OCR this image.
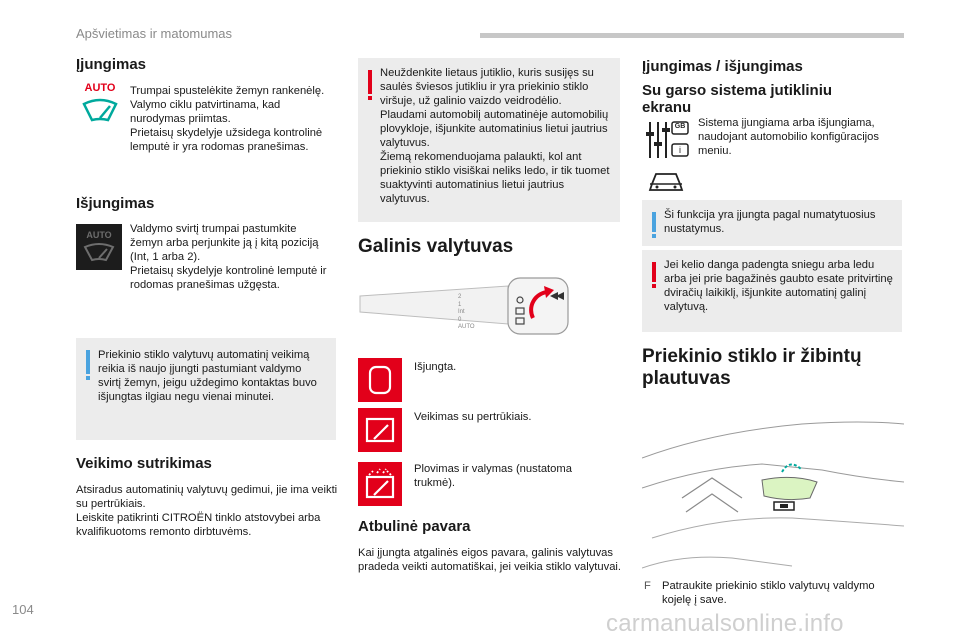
Apšvietimas ir matomumas
Įjungimas
AUTO	Trumpai spustelėkite žemyn rankenėlę.
Valymo ciklu patvirtinama, kad nurodymas priimtas.
Prietaisų skydelyje užsidega kontrolinė lemputė ir yra rodomas pranešimas.
Išjungimas
AUTO Valdymo svirtį trumpai pastumkite žemyn arba perjunkite ją į kitą poziciją (Int, 1 arba 2).
Prietaisų skydelyje kontrolinė lemputė ir rodomas pranešimas užgęsta.
Priekinio stiklo valytuvų automatinį veikimą reikia iš naujo įjungti pastumiant valdymo svirtį žemyn, jeigu uždegimo kontaktas buvo išjungtas ilgiau negu vienai minutei.
Veikimo sutrikimas
Atsiradus automatinių valytuvų gedimui, jie ima veikti su pertrūkiais.
Leiskite patikrinti CITROËN tinklo atstovybei arba kvalifikuotoms remonto dirbtuvėms.
Neuždenkite lietaus jutiklio, kuris susijęs su saulės šviesos jutikliu ir yra priekinio stiklo viršuje, už galinio vaizdo veidrodėlio.
Plaudami automobilį automatinėje automobilių plovykloje, išjunkite automatinius lietui jautrius valytuvus.
Žiemą rekomenduojama palaukti, kol ant priekinio stiklo visiškai neliks ledo, ir tik tuomet suaktyvinti automatinius lietui jautrius valytuvus.
Galinis valytuvas
2
1
Int
0
AUTO
Išjungta.
Veikimas su pertrūkiais.
Plovimas ir valymas (nustatoma trukmė).
Atbulinė pavara
Kai įjungta atgalinės eigos pavara, galinis valytuvas pradeda veikti automatiškai, jei veikia stiklo valytuvai.
Įjungimas / išjungimas
Su garso sistema jutikliniu ekranu
i
GB Sistema įjungiama arba išjungiama, naudojant automobilio konfigūracijos meniu.
Ši funkcija yra įjungta pagal numatytuosius nustatymus.
Jei kelio danga padengta sniegu arba ledu arba jei prie bagažinės gaubto esate pritvirtinę dviračių laikiklį, išjunkite automatinį galinį valytuvą.
Priekinio stiklo ir žibintų plautuvas
F Patraukite priekinio stiklo valytuvų valdymo kojelę į save.
104
carmanualsonline.info
